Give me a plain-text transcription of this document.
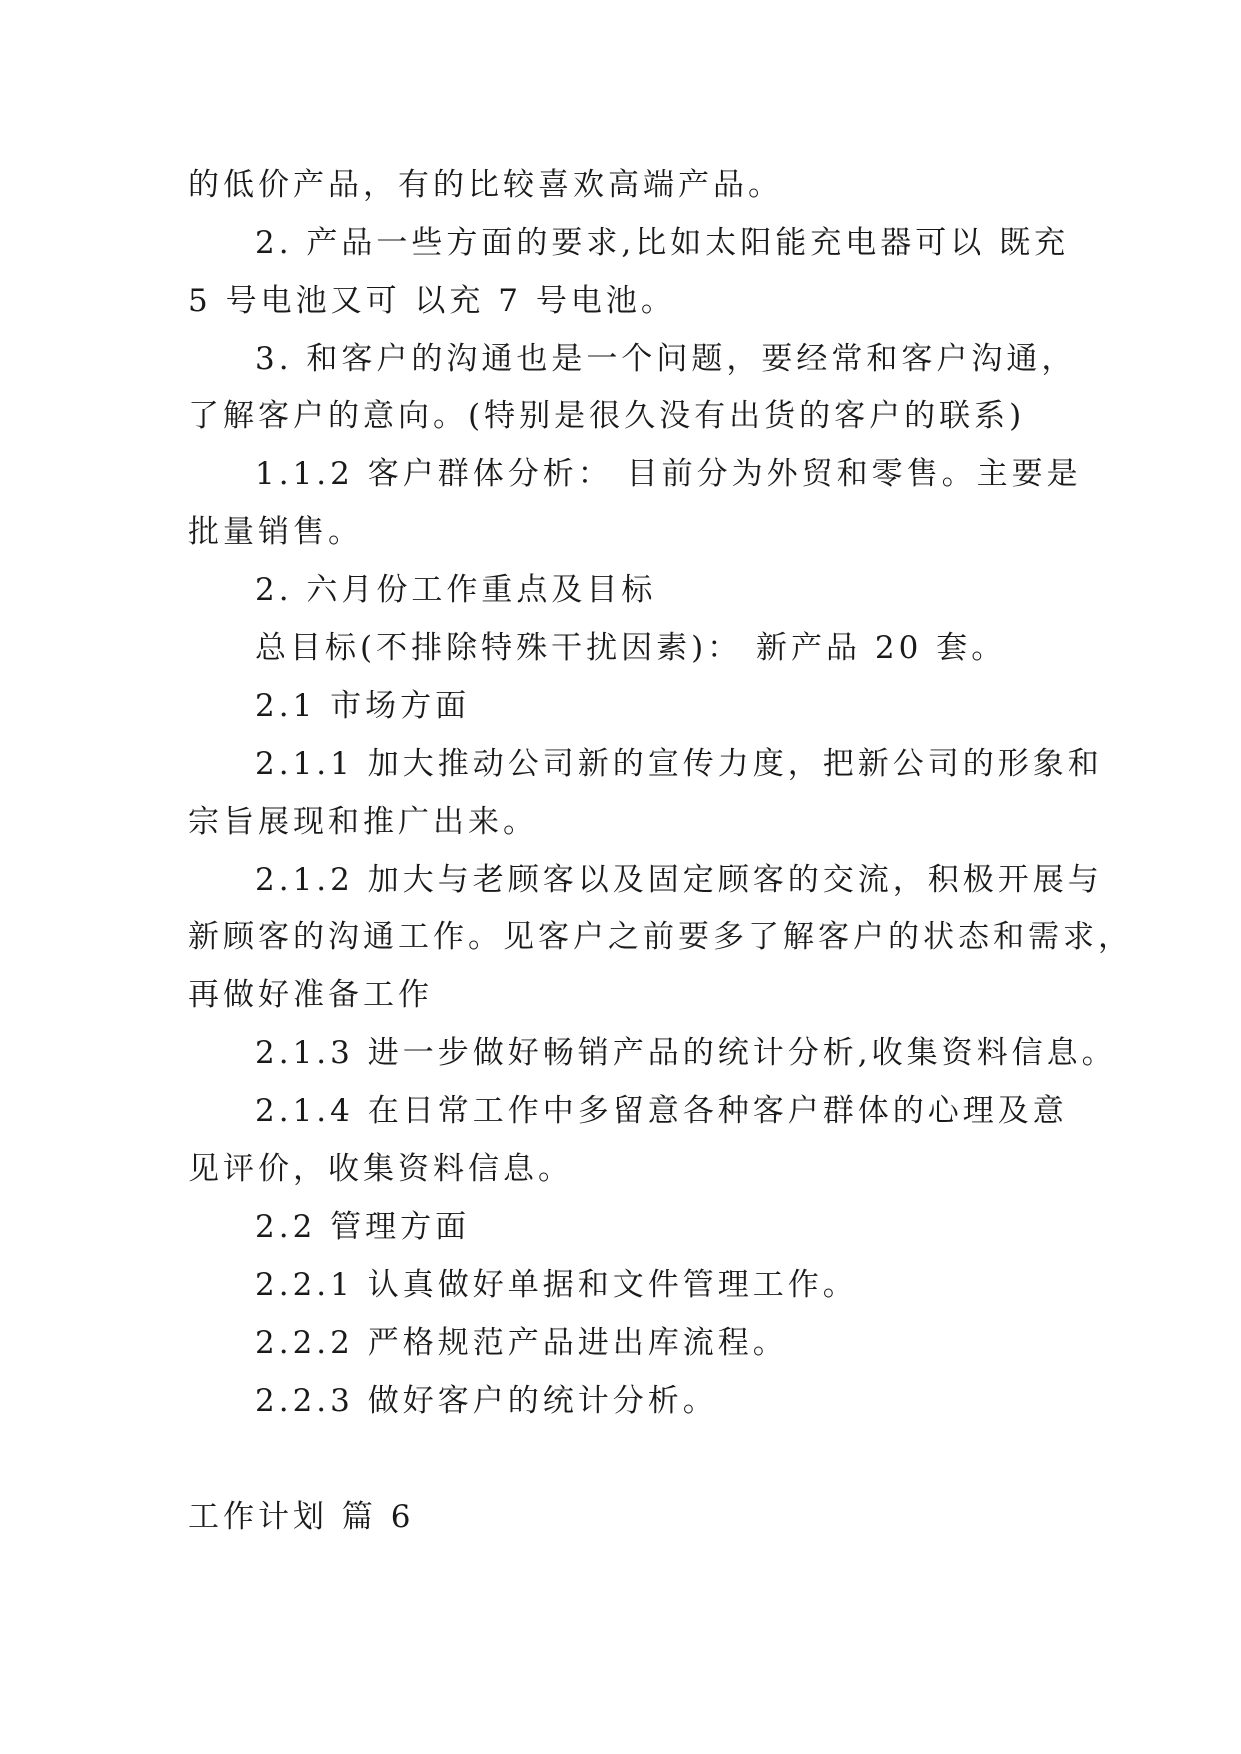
的低价产品，有的比较喜欢高端产品。
2. 产品一些方面的要求,比如太阳能充电器可以 既充
5 号电池又可 以充 7 号电池。
3. 和客户的沟通也是一个问题，要经常和客户沟通，
了解客户的意向。(特别是很久没有出货的客户的联系)
1.1.2 客户群体分析： 目前分为外贸和零售。主要是
批量销售。
2. 六月份工作重点及目标
总目标(不排除特殊干扰因素)： 新产品 20 套。
2.1 市场方面
2.1.1 加大推动公司新的宣传力度，把新公司的形象和
宗旨展现和推广出来。
2.1.2 加大与老顾客以及固定顾客的交流，积极开展与
新顾客的沟通工作。见客户之前要多了解客户的状态和需求，
再做好准备工作
2.1.3 进一步做好畅销产品的统计分析,收集资料信息。
2.1.4 在日常工作中多留意各种客户群体的心理及意
见评价，收集资料信息。
2.2 管理方面
2.2.1 认真做好单据和文件管理工作。
2.2.2 严格规范产品进出库流程。
2.2.3 做好客户的统计分析。
工作计划 篇 6
